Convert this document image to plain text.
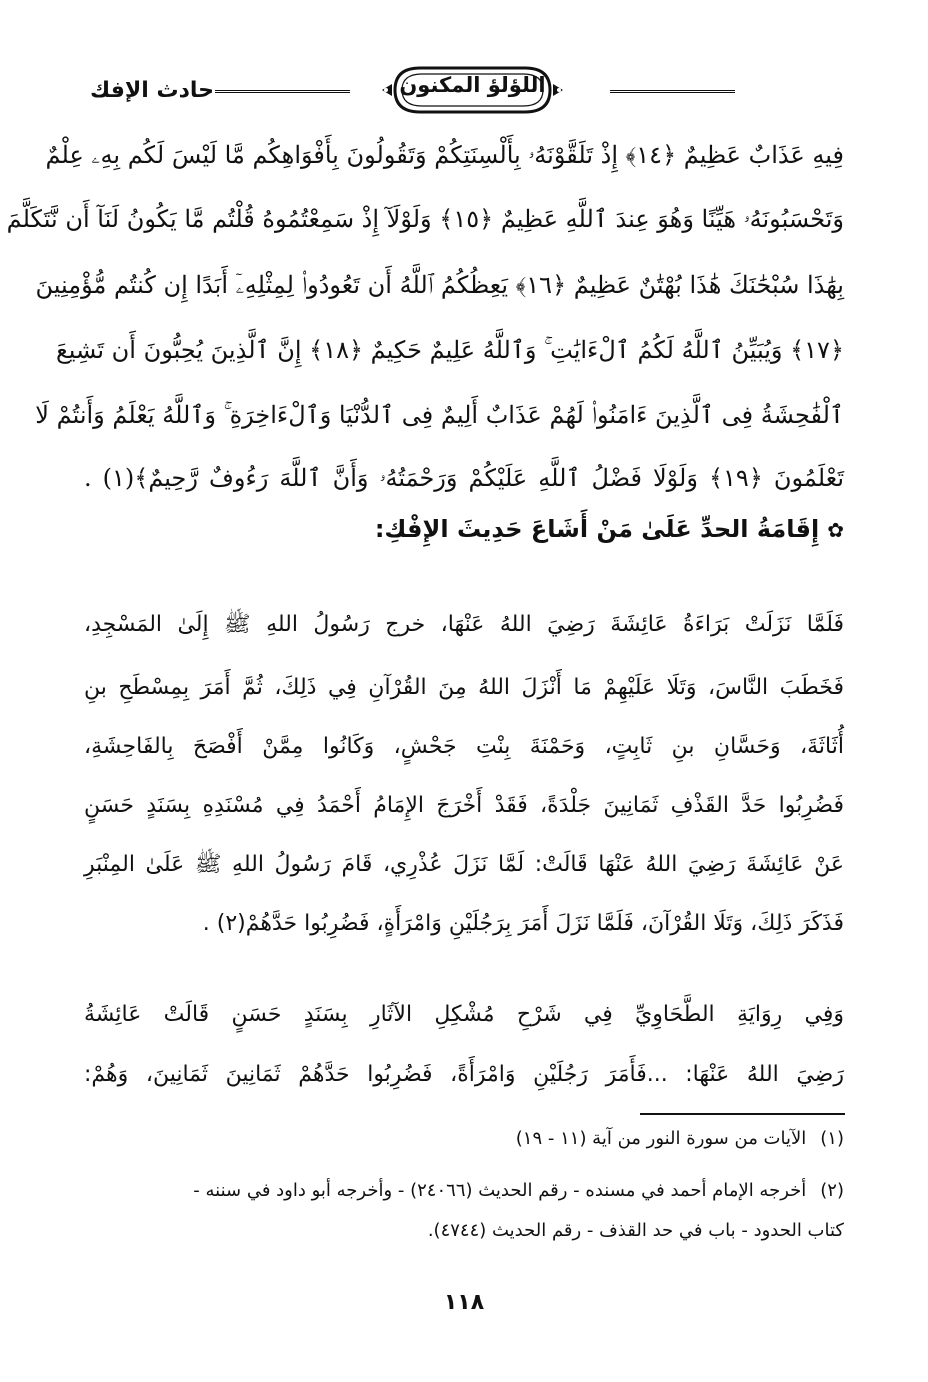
حادث الإفك	اللؤلؤ المكنون
فِيهِ عَذَابٌ عَظِيمٌ ﴿١٤﴾ إِذْ تَلَقَّوْنَهُۥ بِأَلْسِنَتِكُمْ وَتَقُولُونَ بِأَفْوَاهِكُم مَّا لَيْسَ لَكُم بِهِۦ عِلْمٌ
وَتَحْسَبُونَهُۥ هَيِّنًا وَهُوَ عِندَ ٱللَّهِ عَظِيمٌ ﴿١٥﴾ وَلَوْلَآ إِذْ سَمِعْتُمُوهُ قُلْتُم مَّا يَكُونُ لَنَآ أَن نَّتَكَلَّمَ
بِهَٰذَا سُبْحَٰنَكَ هَٰذَا بُهْتَٰنٌ عَظِيمٌ ﴿١٦﴾ يَعِظُكُمُ ٱللَّهُ أَن تَعُودُوا۟ لِمِثْلِهِۦٓ أَبَدًا إِن كُنتُم مُّؤْمِنِينَ
﴿١٧﴾ وَيُبَيِّنُ ٱللَّهُ لَكُمُ ٱلْءَايَٰتِ ۚ وَٱللَّهُ عَلِيمٌ حَكِيمٌ ﴿١٨﴾ إِنَّ ٱلَّذِينَ يُحِبُّونَ أَن تَشِيعَ
ٱلْفَٰحِشَةُ فِى ٱلَّذِينَ ءَامَنُوا۟ لَهُمْ عَذَابٌ أَلِيمٌ فِى ٱلدُّنْيَا وَٱلْءَاخِرَةِ ۚ وَٱللَّهُ يَعْلَمُ وَأَنتُمْ لَا
تَعْلَمُونَ ﴿١٩﴾ وَلَوْلَا فَضْلُ ٱللَّهِ عَلَيْكُمْ وَرَحْمَتُهُۥ وَأَنَّ ٱللَّهَ رَءُوفٌ رَّحِيمٌ﴾(١) .
✿إِقَامَةُ الحدِّ عَلَىٰ مَنْ أَشَاعَ حَدِيثَ الإِفْكِ:
فَلَمَّا نَزَلَتْ بَرَاءَةُ عَائِشَةَ رَضِيَ اللهُ عَنْهَا، خرج رَسُولُ اللهِ ﷺ إِلَىٰ المَسْجِدِ،
فَخَطَبَ النَّاسَ، وَتَلَا عَلَيْهِمْ مَا أَنْزَلَ اللهُ مِنَ القُرْآنِ فِي ذَلِكَ، ثُمَّ أَمَرَ بِمِسْطَحِ بنِ
أُثَاثَةَ، وَحَسَّانِ بنِ ثَابِتٍ، وَحَمْنَةَ بِنْتِ جَحْشٍ، وَكَانُوا مِمَّنْ أَفْصَحَ بِالفَاحِشَةِ،
فَضُرِبُوا حَدَّ القَذْفِ ثَمَانِينَ جَلْدَةً، فَقَدْ أَخْرَجَ الإِمَامُ أَحْمَدُ فِي مُسْنَدِهِ بِسَنَدٍ حَسَنٍ
عَنْ عَائِشَةَ رَضِيَ اللهُ عَنْهَا قَالَتْ: لَمَّا نَزَلَ عُذْرِي، قَامَ رَسُولُ اللهِ ﷺ عَلَىٰ المِنْبَرِ
فَذَكَرَ ذَلِكَ، وَتَلَا القُرْآنَ، فَلَمَّا نَزَلَ أَمَرَ بِرَجُلَيْنِ وَامْرَأَةٍ، فَضُرِبُوا حَدَّهُمْ(٢) .
وَفِي رِوَايَةِ الطَّحَاوِيِّ فِي شَرْحِ مُشْكِلِ الآثَارِ بِسَنَدٍ حَسَنٍ قَالَتْ عَائِشَةُ
رَضِيَ اللهُ عَنْهَا: ...فَأَمَرَ رَجُلَيْنِ وَامْرَأَةً، فَضُرِبُوا حَدَّهُمْ ثَمَانِينَ ثَمَانِينَ، وَهُمْ:
(١)الآيات من سورة النور من آية (١١ - ١٩)
(٢)أخرجه الإمام أحمد في مسنده - رقم الحديث (٢٤٠٦٦) - وأخرجه أبو داود في سننه -
كتاب الحدود - باب في حد القذف - رقم الحديث (٤٧٤٤).
١١٨
